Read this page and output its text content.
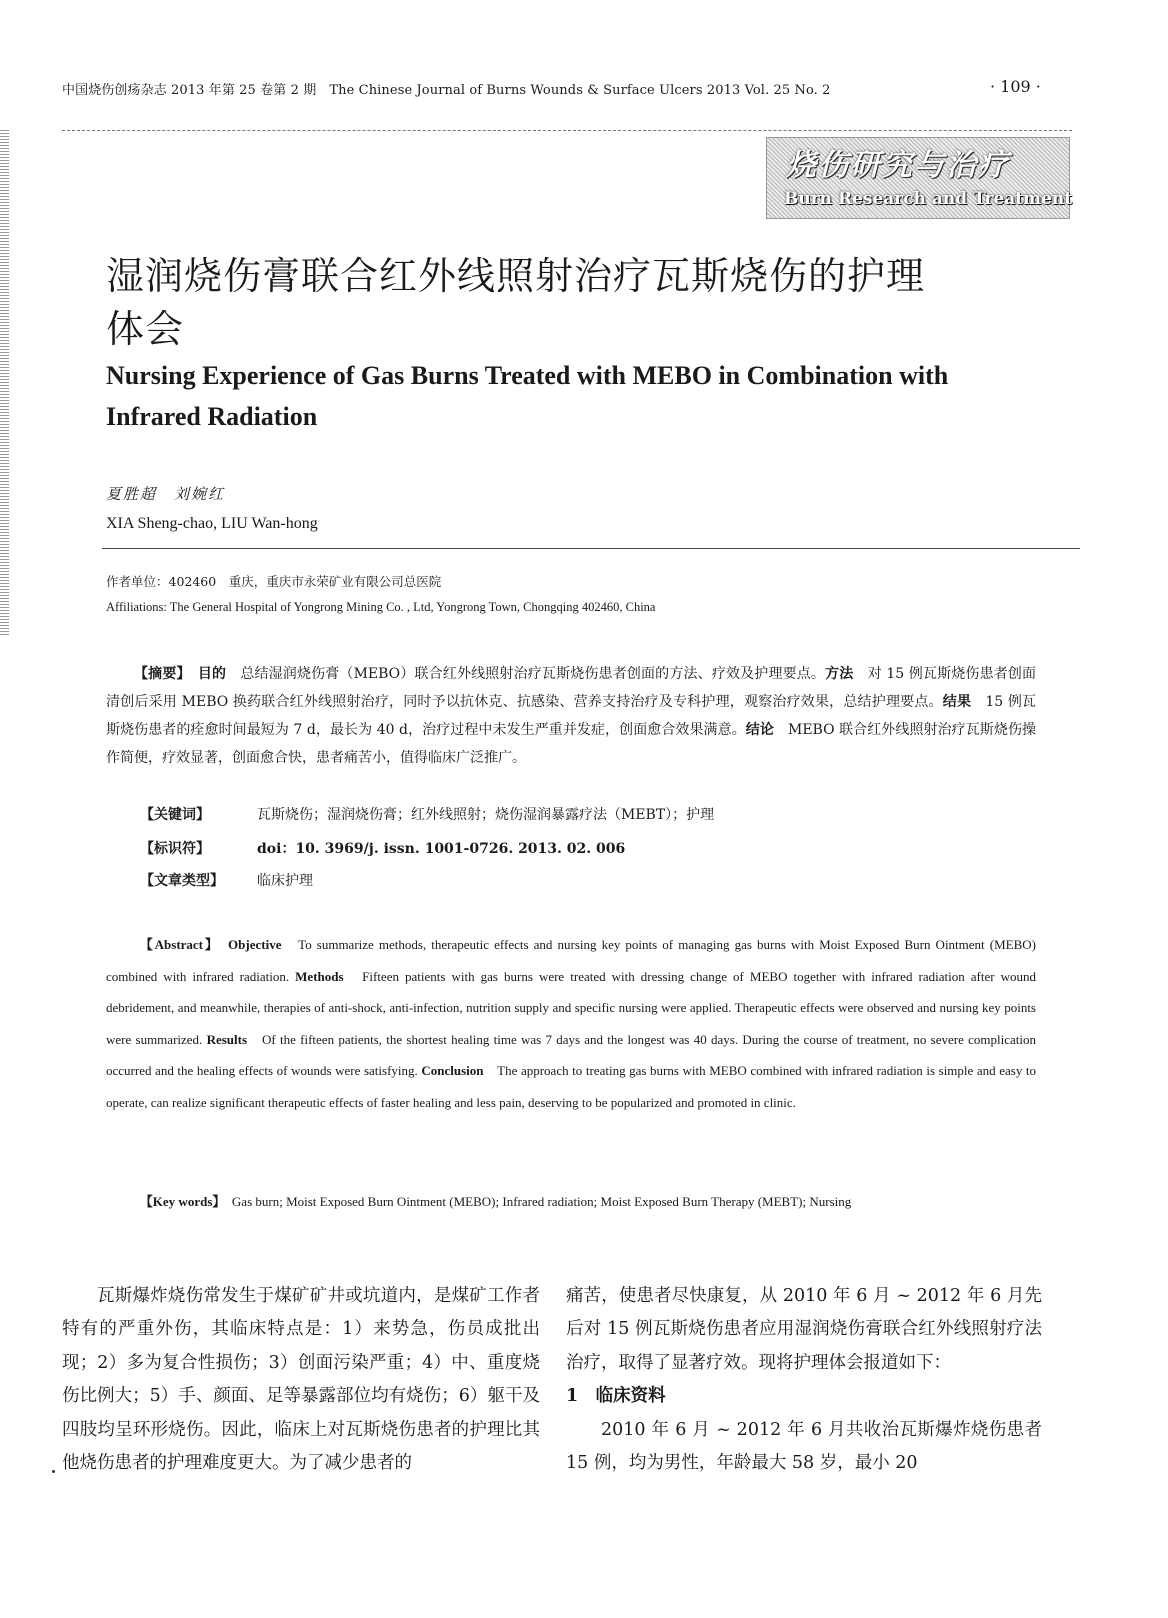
中国烧伤创疡杂志 2013 年第 25 卷第 2 期　The Chinese Journal of Burns Wounds & Surface Ulcers 2013 Vol. 25 No. 2	· 109 ·
烧伤研究与治疗
Burn Research and Treatment
湿润烧伤膏联合红外线照射治疗瓦斯烧伤的护理体会
Nursing Experience of Gas Burns Treated with MEBO in Combination with Infrared Radiation
夏胜超　刘婉红
XIA Sheng-chao, LIU Wan-hong
作者单位：402460　重庆，重庆市永荣矿业有限公司总医院
Affiliations: The General Hospital of Yongrong Mining Co. , Ltd, Yongrong Town, Chongqing 402460, China
【摘要】　 目的　 总结湿润烧伤膏（MEBO）联合红外线照射治疗瓦斯烧伤患者创面的方法、疗效及护理要点。方法　 对 15 例瓦斯烧伤患者创面清创后采用 MEBO 换药联合红外线照射治疗，同时予以抗休克、抗感染、营养支持治疗及专科护理，观察治疗效果，总结护理要点。结果　 15 例瓦斯烧伤患者的痊愈时间最短为 7 d，最长为 40 d，治疗过程中未发生严重并发症，创面愈合效果满意。结论　 MEBO 联合红外线照射治疗瓦斯烧伤操作简便，疗效显著，创面愈合快，患者痛苦小，值得临床广泛推广。
【关键词】	瓦斯烧伤；湿润烧伤膏；红外线照射；烧伤湿润暴露疗法（MEBT）；护理
【标识符】	doi：10. 3969/j. issn. 1001-0726. 2013. 02. 006
【文章类型】 临床护理
【Abstract】　 Objective　 To summarize methods, therapeutic effects and nursing key points of managing gas burns with Moist Exposed Burn Ointment (MEBO) combined with infrared radiation. Methods　 Fifteen patients with gas burns were treated with dressing change of MEBO together with infrared radiation after wound debridement, and meanwhile, therapies of anti-shock, anti-infection, nutrition supply and specific nursing were applied. Therapeutic effects were observed and nursing key points were summarized. Results　 Of the fifteen patients, the shortest healing time was 7 days and the longest was 40 days. During the course of treatment, no severe complication occurred and the healing effects of wounds were satisfying. Conclusion　 The approach to treating gas burns with MEBO combined with infrared radiation is simple and easy to operate, can realize significant therapeutic effects of faster healing and less pain, deserving to be popularized and promoted in clinic.
【Key words】　 Gas burn; Moist Exposed Burn Ointment (MEBO); Infrared radiation; Moist Exposed Burn Therapy (MEBT); Nursing
瓦斯爆炸烧伤常发生于煤矿矿井或坑道内，是煤矿工作者特有的严重外伤，其临床特点是：1）来势急，伤员成批出现；2）多为复合性损伤；3）创面污染严重；4）中、重度烧伤比例大；5）手、颜面、足等暴露部位均有烧伤；6）躯干及四肢均呈环形烧伤。因此，临床上对瓦斯烧伤患者的护理比其他烧伤患者的护理难度更大。为了减少患者的

痛苦，使患者尽快康复，从 2010 年 6 月 ~ 2012 年 6 月先后对 15 例瓦斯烧伤患者应用湿润烧伤膏联合红外线照射疗法治疗，取得了显著疗效。现将护理体会报道如下：

1　临床资料

2010 年 6 月 ~ 2012 年 6 月共收治瓦斯爆炸烧伤患者 15 例，均为男性，年龄最大 58 岁，最小 20
